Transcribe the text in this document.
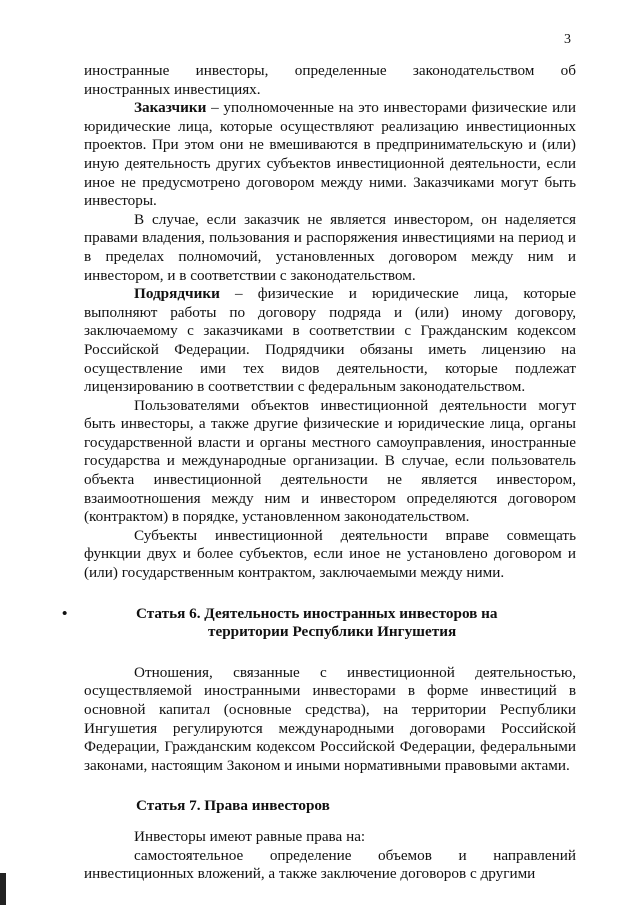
3

иностранные инвесторы, определенные законодательством об иностранных инвестициях.

Заказчики – уполномоченные на это инвесторами физические или юридические лица, которые осуществляют реализацию инвестиционных проектов. При этом они не вмешиваются в предпринимательскую и (или) иную деятельность других субъектов инвестиционной деятельности, если иное не предусмотрено договором между ними. Заказчиками могут быть инвесторы.

В случае, если заказчик не является инвестором, он наделяется правами владения, пользования и распоряжения инвестициями на период и в пределах полномочий, установленных договором между ним и инвестором, и в соответствии с законодательством.

Подрядчики – физические и юридические лица, которые выполняют работы по договору подряда и (или) иному договору, заключаемому с заказчиками в соответствии с Гражданским кодексом Российской Федерации. Подрядчики обязаны иметь лицензию на осуществление ими тех видов деятельности, которые подлежат лицензированию в соответствии с федеральным законодательством.

Пользователями объектов инвестиционной деятельности могут быть инвесторы, а также другие физические и юридические лица, органы государственной власти и органы местного самоуправления, иностранные государства и международные организации. В случае, если пользователь объекта инвестиционной деятельности не является инвестором, взаимоотношения между ним и инвестором определяются договором (контрактом) в порядке, установленном законодательством.

Субъекты инвестиционной деятельности вправе совмещать функции двух и более субъектов, если иное не установлено договором и (или) государственным контрактом, заключаемыми между ними.

•	Статья 6. Деятельность иностранных инвесторов на
территории Республики Ингушетия

Отношения, связанные с инвестиционной деятельностью, осуществляемой иностранными инвесторами в форме инвестиций в основной капитал (основные средства), на территории Республики Ингушетия регулируются международными договорами Российской Федерации, Гражданским кодексом Российской Федерации, федеральными законами, настоящим Законом и иными нормативными правовыми актами.

Статья 7. Права инвесторов

Инвесторы имеют равные права на:

самостоятельное определение объемов и направлений инвестиционных вложений, а также заключение договоров с другими
